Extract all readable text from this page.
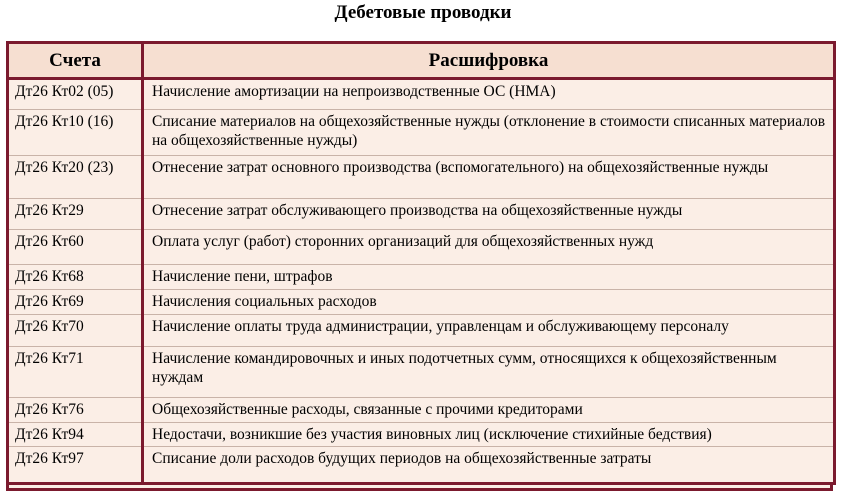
Дебетовые проводки
Счета	Расшифровка
Дт26 Кт02 (05)	Начисление амортизации на непроизводственные ОС (НМА)
Дт26 Кт10 (16)	Списание материалов на общехозяйственные нужды (отклонение в стоимости списанных материалов на общехозяйственные нужды)
Дт26 Кт20 (23)	Отнесение затрат основного производства (вспомогательного) на общехозяйственные нужды
Дт26 Кт29	Отнесение затрат обслуживающего производства на общехозяйственные нужды
Дт26 Кт60	Оплата услуг (работ) сторонних организаций для общехозяйственных нужд
Дт26 Кт68	Начисление пени, штрафов
Дт26 Кт69	Начисления социальных расходов
Дт26 Кт70	Начисление оплаты труда администрации, управленцам и обслуживающему персоналу
Дт26 Кт71	Начисление командировочных и иных подотчетных сумм, относящихся к общехозяйственным нуждам
Дт26 Кт76	Общехозяйственные расходы, связанные с прочими кредиторами
Дт26 Кт94	Недостачи, возникшие без участия виновных лиц (исключение стихийные бедствия)
Дт26 Кт97	Списание доли расходов будущих периодов на общехозяйственные затраты
